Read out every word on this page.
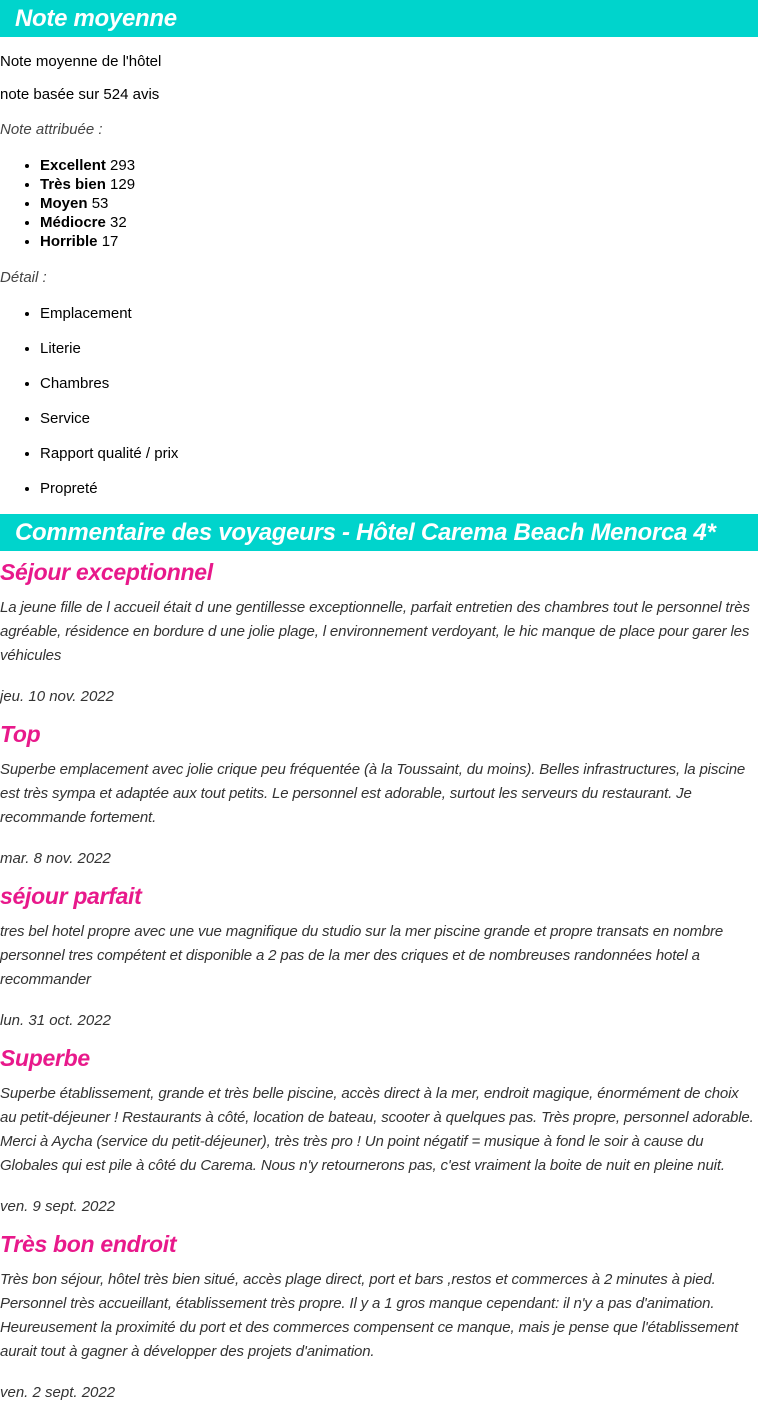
Note moyenne

Note moyenne de l'hôtel

note basée sur 524 avis

Note attribuée :

• Excellent 293
• Très bien 129
• Moyen 53
• Médiocre 32
• Horrible 17

Détail :

• Emplacement
• Literie
• Chambres
• Service
• Rapport qualité / prix
• Propreté
Commentaire des voyageurs - Hôtel Carema Beach Menorca 4*
Séjour exceptionnel

La jeune fille de l accueil était d une gentillesse exceptionnelle, parfait entretien des chambres tout le personnel très agréable, résidence en bordure d une jolie plage, l environnement verdoyant, le hic manque de place pour garer les véhicules

jeu. 10 nov. 2022

Top

Superbe emplacement avec jolie crique peu fréquentée (à la Toussaint, du moins). Belles infrastructures, la piscine est très sympa et adaptée aux tout petits. Le personnel est adorable, surtout les serveurs du restaurant. Je recommande fortement.

mar. 8 nov. 2022

séjour parfait

tres bel hotel propre avec une vue magnifique du studio sur la mer piscine grande et propre transats en nombre personnel tres compétent et disponible a 2 pas de la mer des criques et de nombreuses randonnées hotel a recommander

lun. 31 oct. 2022

Superbe

Superbe établissement, grande et très belle piscine, accès direct à la mer, endroit magique, énormément de choix au petit-déjeuner ! Restaurants à côté, location de bateau, scooter à quelques pas. Très propre, personnel adorable. Merci à Aycha (service du petit-déjeuner), très très pro ! Un point négatif = musique à fond le soir à cause du Globales qui est pile à côté du Carema. Nous n'y retournerons pas, c'est vraiment la boite de nuit en pleine nuit.

ven. 9 sept. 2022

Très bon endroit

Très bon séjour, hôtel très bien situé, accès plage direct, port et bars ,restos et commerces à 2 minutes à pied. Personnel très accueillant, établissement très propre. Il y a 1 gros manque cependant: il n'y a pas d'animation. Heureusement la proximité du port et des commerces compensent ce manque, mais je pense que l'établissement aurait tout à gagner à développer des projets d'animation.

ven. 2 sept. 2022
